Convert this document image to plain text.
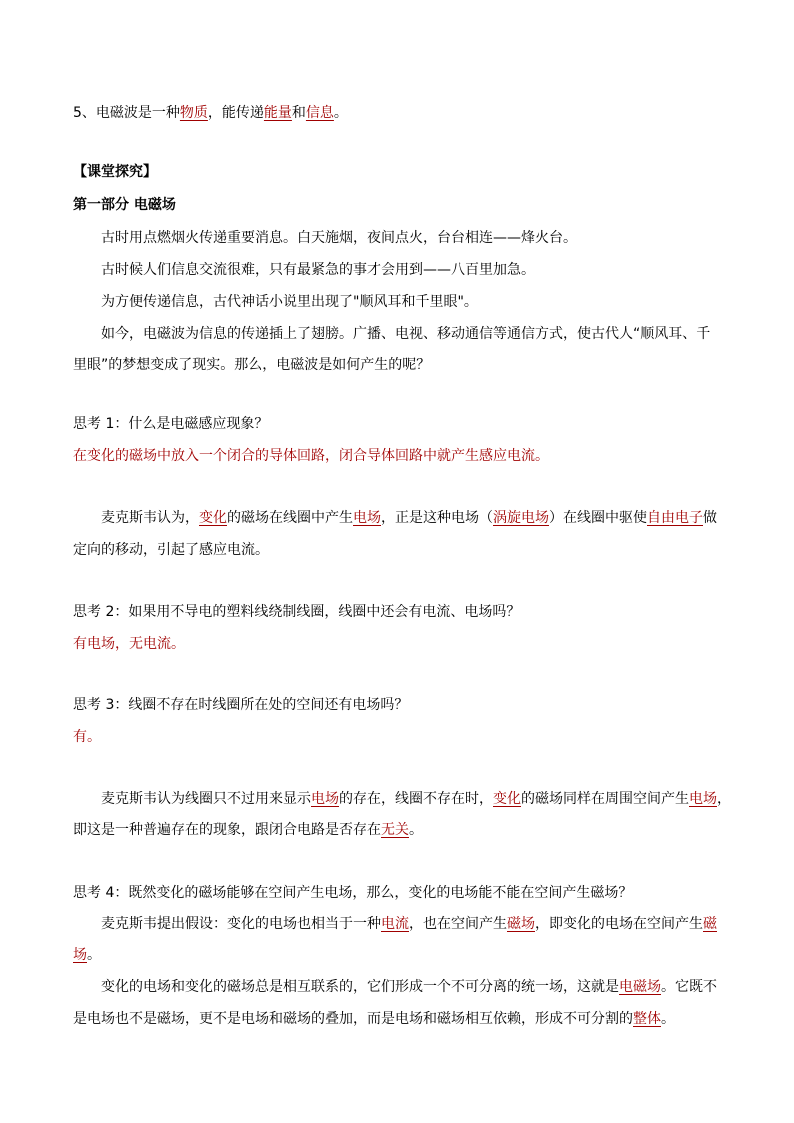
5、电磁波是一种物质，能传递能量和信息。
【课堂探究】
第一部分 电磁场
古时用点燃烟火传递重要消息。白天施烟，夜间点火，台台相连——烽火台。
古时候人们信息交流很难，只有最紧急的事才会用到——八百里加急。
为方便传递信息，古代神话小说里出现了"顺风耳和千里眼"。
如今，电磁波为信息的传递插上了翅膀。广播、电视、移动通信等通信方式，使古代人“顺风耳、千
里眼”的梦想变成了现实。那么，电磁波是如何产生的呢？
思考 1：什么是电磁感应现象？
在变化的磁场中放入一个闭合的导体回路，闭合导体回路中就产生感应电流。
麦克斯韦认为，变化的磁场在线圈中产生电场，正是这种电场（涡旋电场）在线圈中驱使自由电子做
定向的移动，引起了感应电流。
思考 2：如果用不导电的塑料线绕制线圈，线圈中还会有电流、电场吗？
有电场，无电流。
思考 3：线圈不存在时线圈所在处的空间还有电场吗？
有。
麦克斯韦认为线圈只不过用来显示电场的存在，线圈不存在时，变化的磁场同样在周围空间产生电场，
即这是一种普遍存在的现象，跟闭合电路是否存在无关。
思考 4：既然变化的磁场能够在空间产生电场，那么，变化的电场能不能在空间产生磁场？
麦克斯韦提出假设：变化的电场也相当于一种电流，也在空间产生磁场，即变化的电场在空间产生磁
场。
变化的电场和变化的磁场总是相互联系的，它们形成一个不可分离的统一场，这就是电磁场。它既不
是电场也不是磁场，更不是电场和磁场的叠加，而是电场和磁场相互依赖，形成不可分割的整体。
